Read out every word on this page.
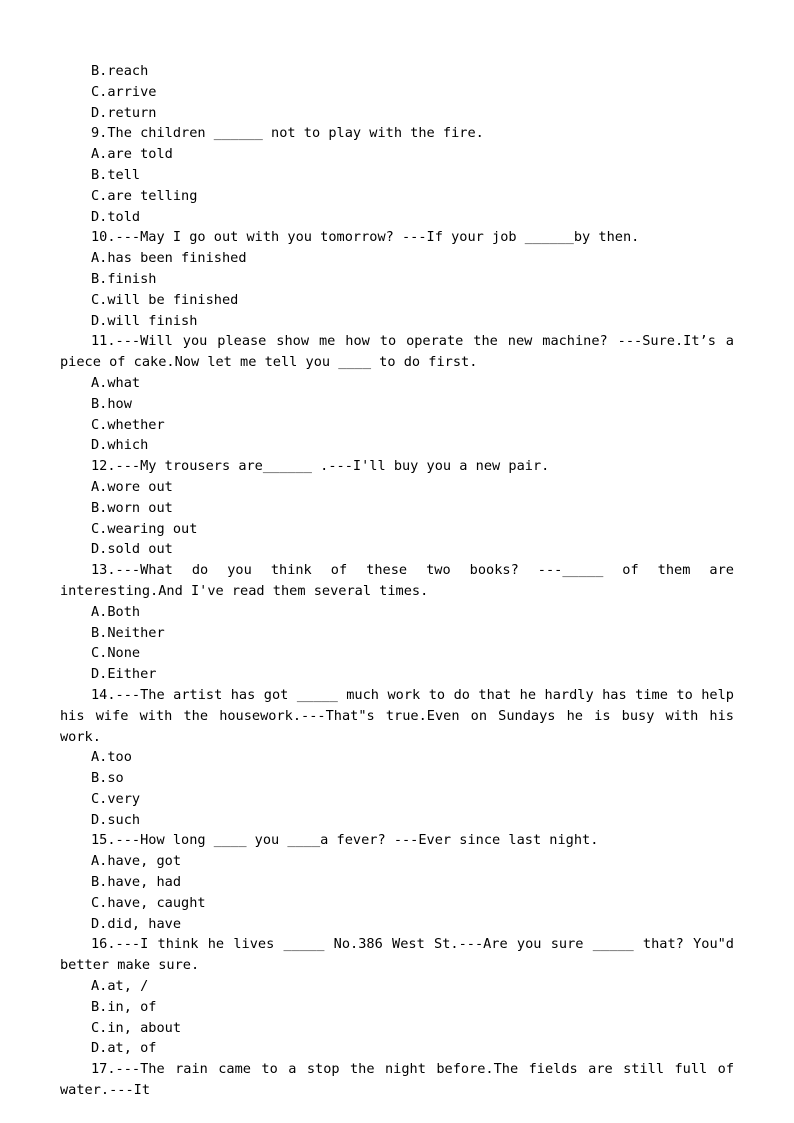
B.reach
C.arrive
D.return
9.The children ______ not to play with the fire.
A.are told
B.tell
C.are telling
D.told
10.---May I go out with you tomorrow? ---If your job ______by then.
A.has been finished
B.finish
C.will be finished
D.will finish
11.---Will you please show me how to operate the new machine? ---Sure.It’s a piece of cake.Now let me tell you ____ to do first.
A.what
B.how
C.whether
D.which
12.---My trousers are______ .---I'll buy you a new pair.
A.wore out
B.worn out
C.wearing out
D.sold out
13.---What do you think of these two books? ---_____ of them are interesting.And I've read them several times.
A.Both
B.Neither
C.None
D.Either
14.---The artist has got _____ much work to do that he hardly has time to help his wife with the housework.---That"s true.Even on Sundays he is busy with his work.
A.too
B.so
C.very
D.such
15.---How long ____ you ____a fever? ---Ever since last night.
A.have, got
B.have, had
C.have, caught
D.did, have
16.---I think he lives _____ No.386 West St.---Are you sure _____ that? You"d better make sure.
A.at, /
B.in, of
C.in, about
D.at, of
17.---The rain came to a stop the night before.The fields are still full of water.---It
